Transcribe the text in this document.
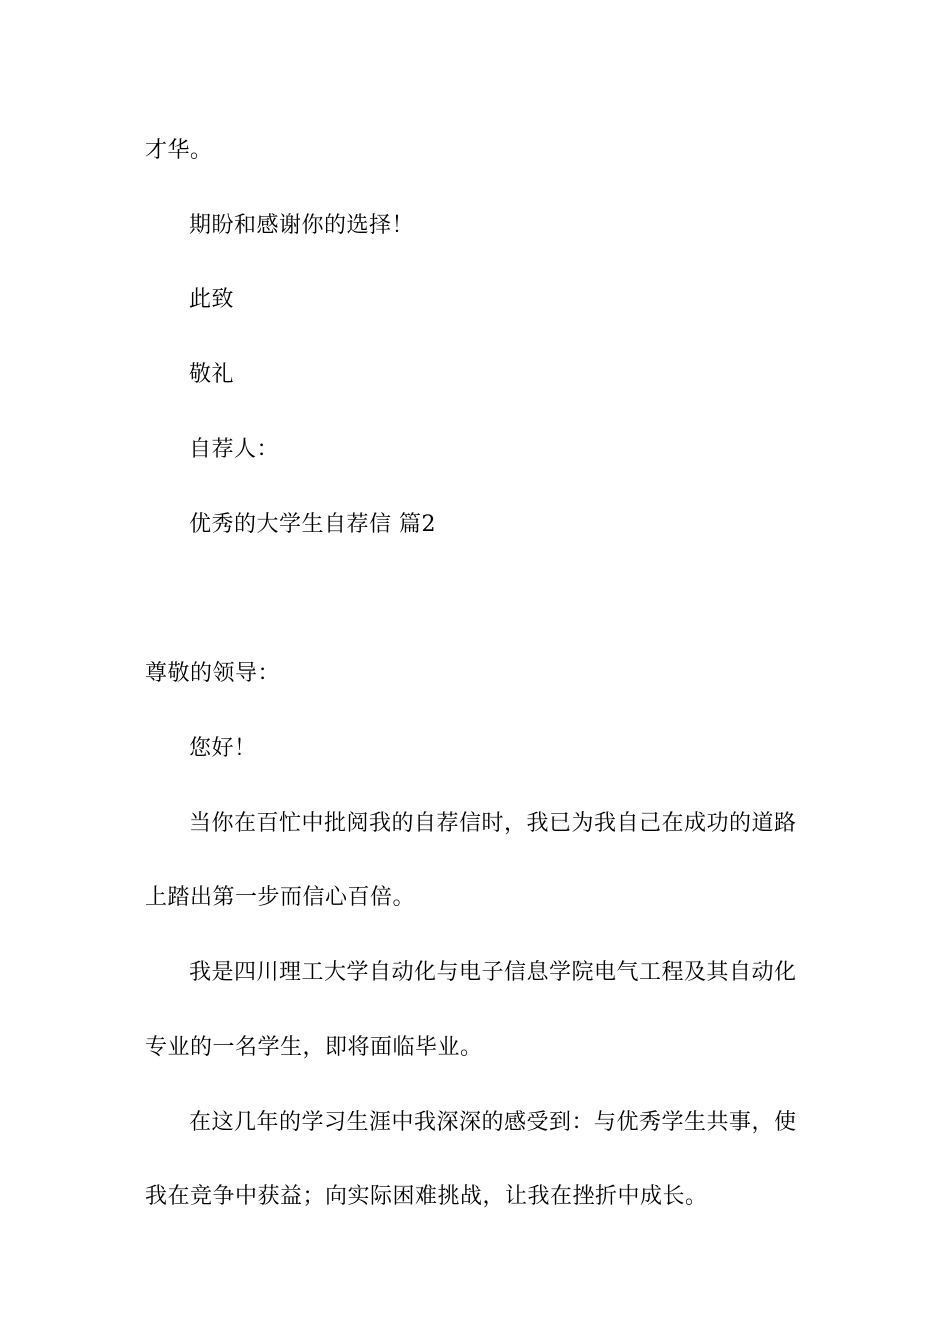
才华。
期盼和感谢你的选择！
此致
敬礼
自荐人：
优秀的大学生自荐信 篇2
尊敬的领导：
您好！
当你在百忙中批阅我的自荐信时，我已为我自己在成功的道路
上踏出第一步而信心百倍。
我是四川理工大学自动化与电子信息学院电气工程及其自动化
专业的一名学生，即将面临毕业。
在这几年的学习生涯中我深深的感受到：与优秀学生共事，使
我在竞争中获益；向实际困难挑战，让我在挫折中成长。
